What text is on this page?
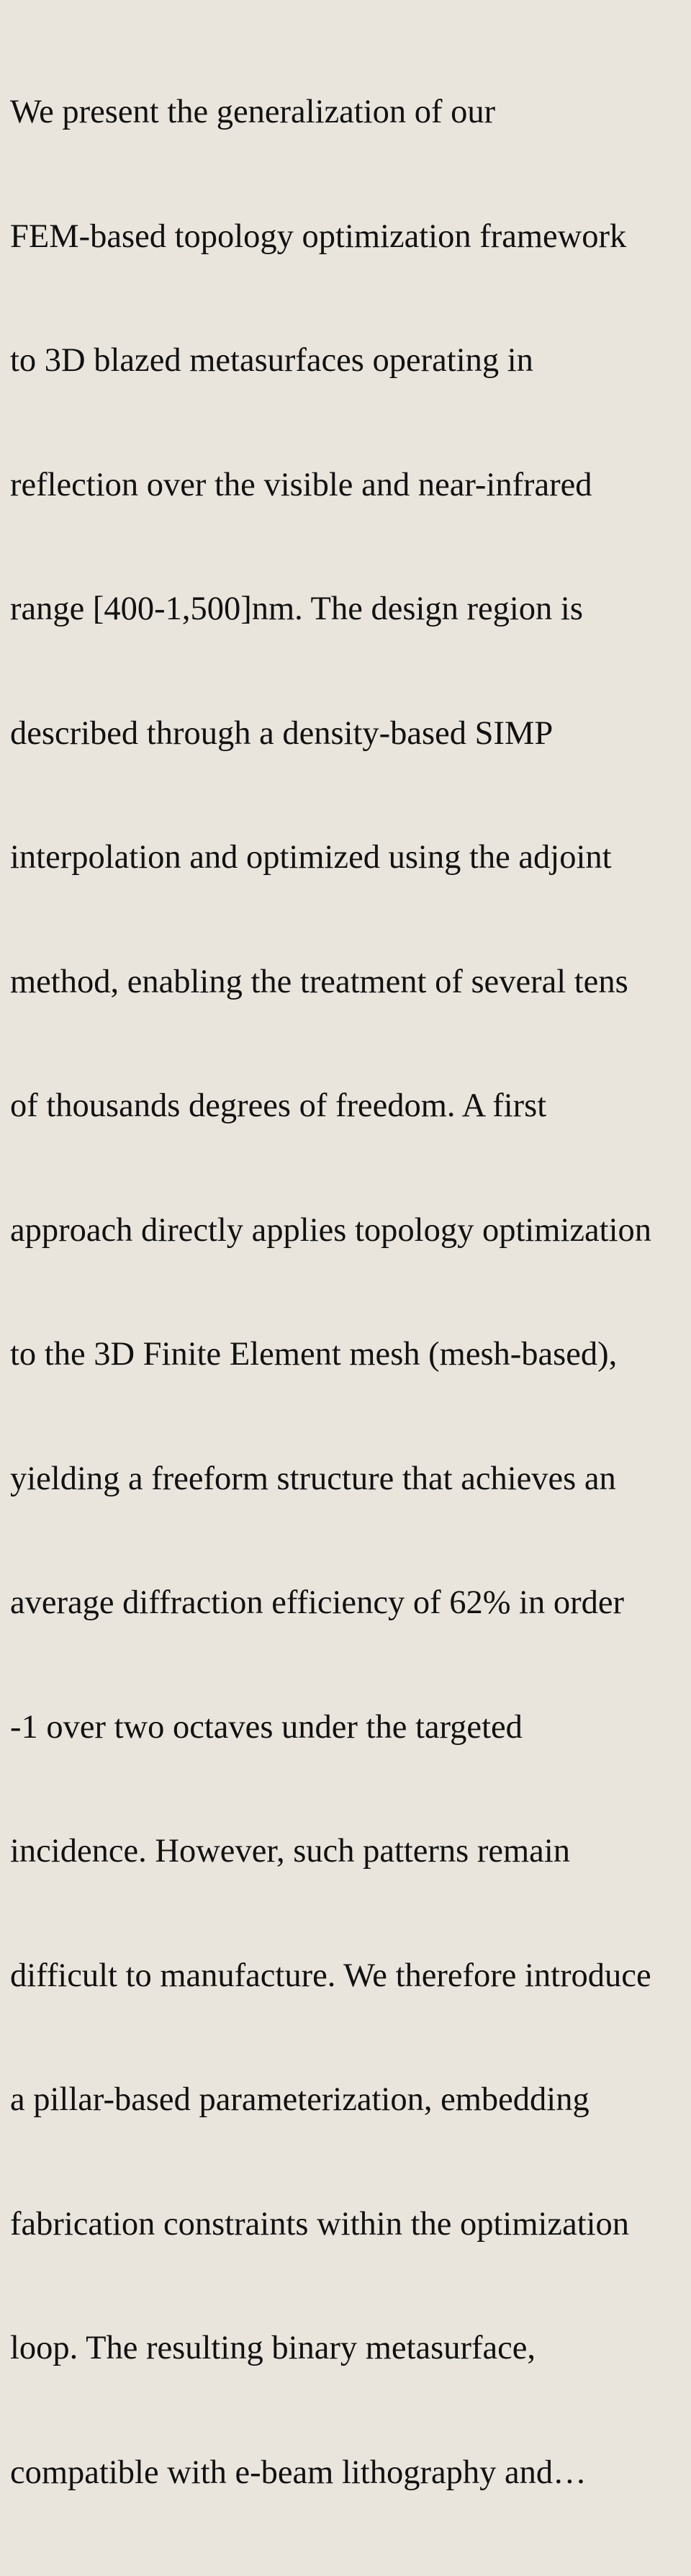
We present the generalization of our

FEM-based topology optimization framework

to 3D blazed metasurfaces operating in

reflection over the visible and near-infrared

range [400-1,500]nm. The design region is

described through a density-based SIMP

interpolation and optimized using the adjoint

method, enabling the treatment of several tens

of thousands degrees of freedom. A first

approach directly applies topology optimization

to the 3D Finite Element mesh (mesh-based),

yielding a freeform structure that achieves an

average diffraction efficiency of 62% in order

-1 over two octaves under the targeted

incidence. However, such patterns remain

difficult to manufacture. We therefore introduce

a pillar-based parameterization, embedding

fabrication constraints within the optimization

loop. The resulting binary metasurface,

compatible with e-beam lithography and…
